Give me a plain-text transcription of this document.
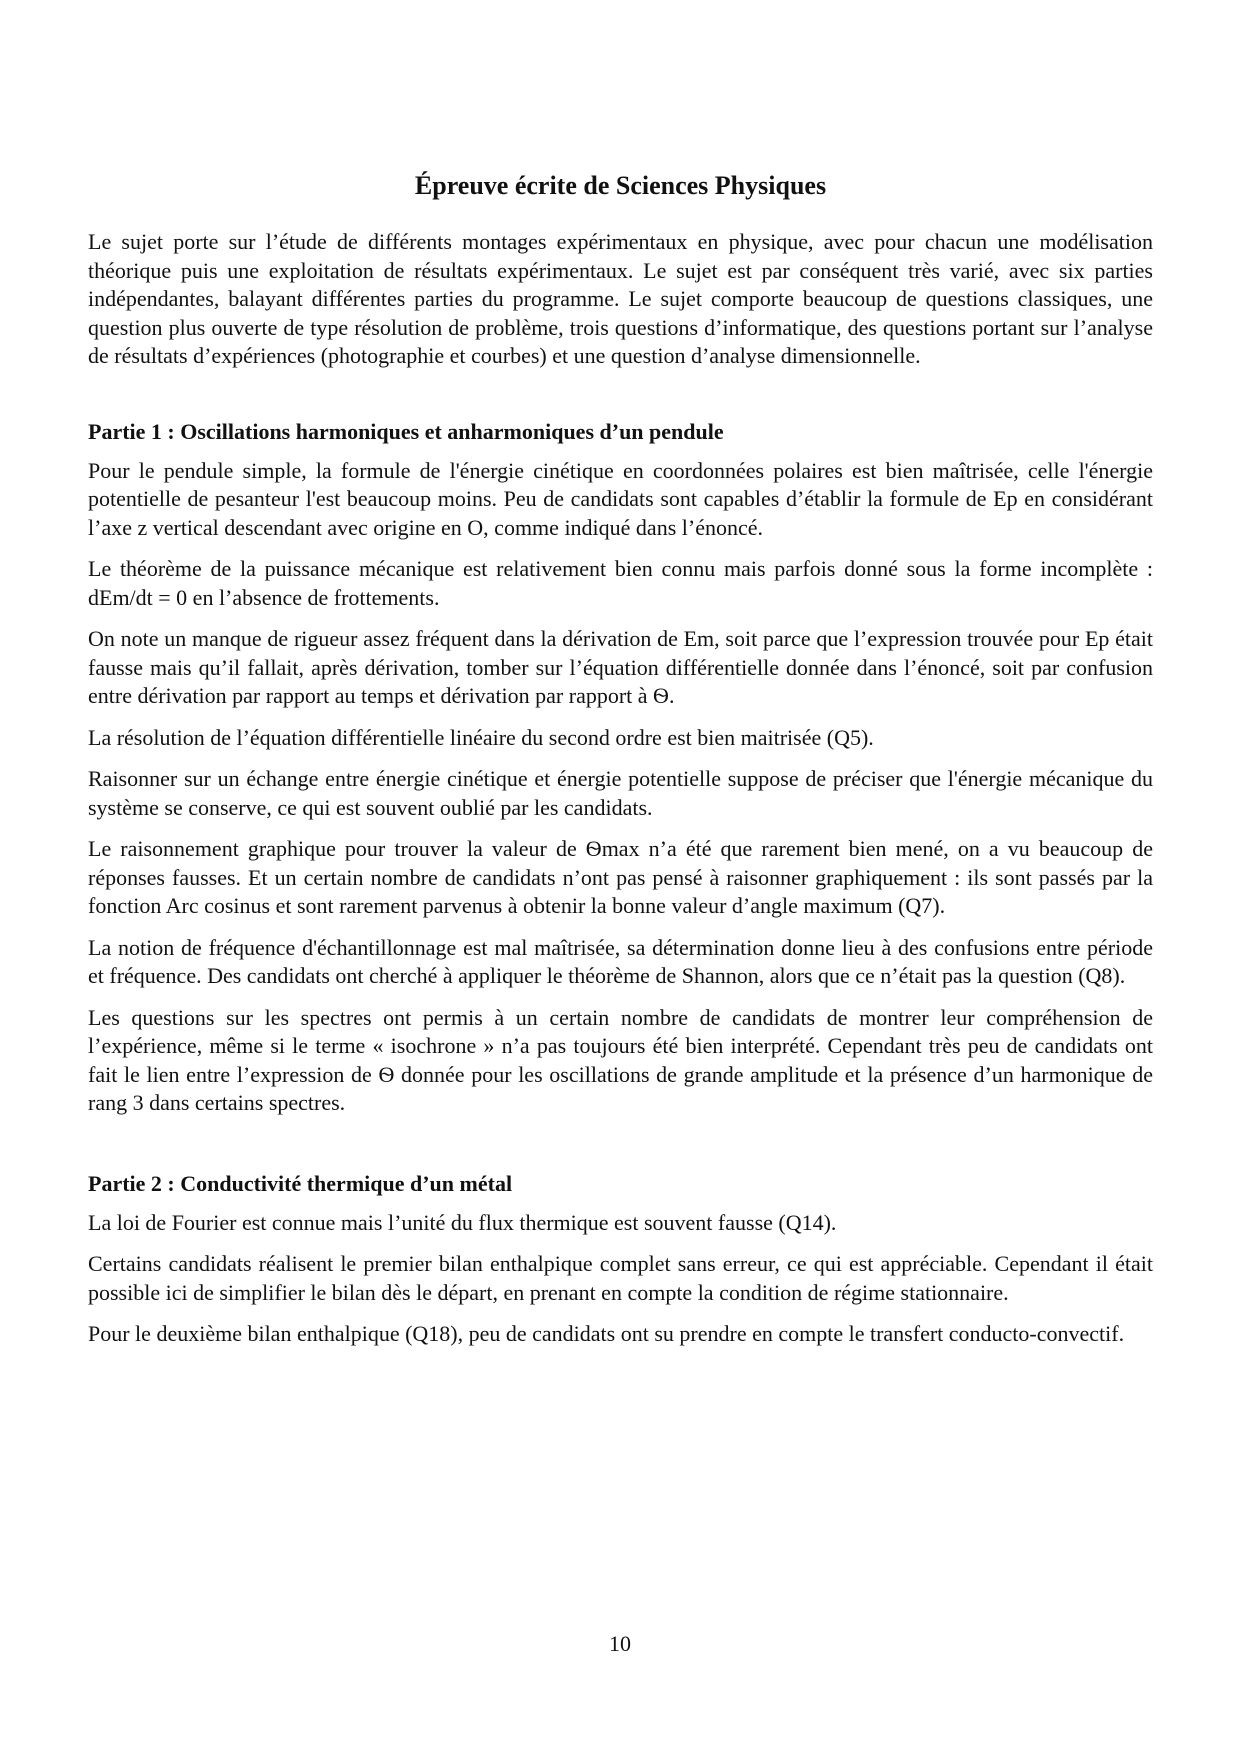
Épreuve écrite de Sciences Physiques

Le sujet porte sur l’étude de différents montages expérimentaux en physique, avec pour chacun une modélisation théorique puis une exploitation de résultats expérimentaux. Le sujet est par conséquent très varié, avec six parties indépendantes, balayant différentes parties du programme. Le sujet comporte beaucoup de questions classiques, une question plus ouverte de type résolution de problème, trois questions d’informatique, des questions portant sur l’analyse de résultats d’expériences (photographie et courbes) et une question d’analyse dimensionnelle.

Partie 1 : Oscillations harmoniques et anharmoniques d’un pendule

Pour le pendule simple, la formule de l'énergie cinétique en coordonnées polaires est bien maîtrisée, celle l'énergie potentielle de pesanteur l'est beaucoup moins. Peu de candidats sont capables d’établir la formule de Ep en considérant l’axe z vertical descendant avec origine en O, comme indiqué dans l’énoncé.

Le théorème de la puissance mécanique est relativement bien connu mais parfois donné sous la forme incomplète : dEm/dt = 0 en l’absence de frottements.

On note un manque de rigueur assez fréquent dans la dérivation de Em, soit parce que l’expression trouvée pour Ep était fausse mais qu’il fallait, après dérivation, tomber sur l’équation différentielle donnée dans l’énoncé, soit par confusion entre dérivation par rapport au temps et dérivation par rapport à Ѳ.

La résolution de l’équation différentielle linéaire du second ordre est bien maitrisée (Q5).

Raisonner sur un échange entre énergie cinétique et énergie potentielle suppose de préciser que l'énergie mécanique du système se conserve, ce qui est souvent oublié par les candidats.

Le raisonnement graphique pour trouver la valeur de Ѳmax n’a été que rarement bien mené, on a vu beaucoup de réponses fausses. Et un certain nombre de candidats n’ont pas pensé à raisonner graphiquement : ils sont passés par la fonction Arc cosinus et sont rarement parvenus à obtenir la bonne valeur d’angle maximum (Q7).

La notion de fréquence d'échantillonnage est mal maîtrisée, sa détermination donne lieu à des confusions entre période et fréquence. Des candidats ont cherché à appliquer le théorème de Shannon, alors que ce n’était pas la question (Q8).

Les questions sur les spectres ont permis à un certain nombre de candidats de montrer leur compréhension de l’expérience, même si le terme « isochrone » n’a pas toujours été bien interprété. Cependant très peu de candidats ont fait le lien entre l’expression de Ѳ donnée pour les oscillations de grande amplitude et la présence d’un harmonique de rang 3 dans certains spectres.

Partie 2 : Conductivité thermique d’un métal

La loi de Fourier est connue mais l’unité du flux thermique est souvent fausse (Q14).

Certains candidats réalisent le premier bilan enthalpique complet sans erreur, ce qui est appréciable. Cependant il était possible ici de simplifier le bilan dès le départ, en prenant en compte la condition de régime stationnaire.

Pour le deuxième bilan enthalpique (Q18), peu de candidats ont su prendre en compte le transfert conducto-convectif.

10
